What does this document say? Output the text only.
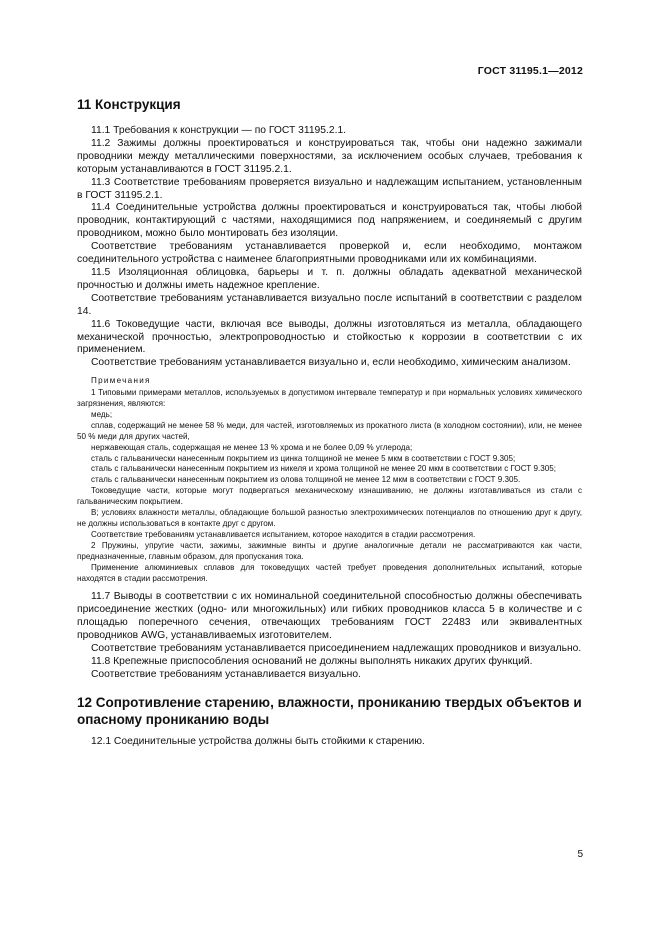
ГОСТ 31195.1—2012
11 Конструкция

11.1 Требования к конструкции — по ГОСТ 31195.2.1.

11.2 Зажимы должны проектироваться и конструироваться так, чтобы они надежно зажимали проводники между металлическими поверхностями, за исключением особых случаев, требования к которым устанавливаются в ГОСТ 31195.2.1.

11.3 Соответствие требованиям проверяется визуально и надлежащим испытанием, установленным в ГОСТ 31195.2.1.

11.4 Соединительные устройства должны проектироваться и конструироваться так, чтобы любой проводник, контактирующий с частями, находящимися под напряжением, и соединяемый с другим проводником, можно было монтировать без изоляции.

Соответствие требованиям устанавливается проверкой и, если необходимо, монтажом соединительного устройства с наименее благоприятными проводниками или их комбинациями.

11.5 Изоляционная облицовка, барьеры и т. п. должны обладать адекватной механической прочностью и должны иметь надежное крепление.

Соответствие требованиям устанавливается визуально после испытаний в соответствии с разделом 14.

11.6 Токоведущие части, включая все выводы, должны изготовляться из металла, обладающего механической прочностью, электропроводностью и стойкостью к коррозии в соответствии с их применением.

Соответствие требованиям устанавливается визуально и, если необходимо, химическим анализом.

Примечания

1 Типовыми примерами металлов, используемых в допустимом интервале температур и при нормальных условиях химического загрязнения, являются:

медь;

сплав, содержащий не менее 58 % меди, для частей, изготовляемых из прокатного листа (в холодном состоянии), или, не менее 50 % меди для других частей,

нержавеющая сталь, содержащая не менее 13 % хрома и не более 0,09 % углерода;

сталь с гальванически нанесенным покрытием из цинка толщиной не менее 5 мкм в соответствии с ГОСТ 9.305;

сталь с гальванически нанесенным покрытием из никеля и хрома толщиной не менее 20 мкм в соответствии с ГОСТ 9.305;

сталь с гальванически нанесенным покрытием из олова толщиной не менее 12 мкм в соответствии с ГОСТ 9.305.

Токоведущие части, которые могут подвергаться механическому изнашиванию, не должны изготавливаться из стали с гальваническим покрытием.

В; условиях влажности металлы, обладающие большой разностью электрохимических потенциалов по отношению друг к другу, не должны использоваться в контакте друг с другом.

Соответствие требованиям устанавливается испытанием, которое находится в стадии рассмотрения.

2 Пружины, упругие части, зажимы, зажимные винты и другие аналогичные детали не рассматриваются как части, предназначенные, главным образом, для пропускания тока.

Применение алюминиевых сплавов для токоведущих частей требует проведения дополнительных испытаний, которые находятся в стадии рассмотрения.

11.7 Выводы в соответствии с их номинальной соединительной способностью должны обеспечивать присоединение жестких (одно- или многожильных) или гибких проводников класса 5 в количестве и с площадью поперечного сечения, отвечающих требованиям ГОСТ 22483 или эквивалентных проводников AWG, устанавливаемых изготовителем.

Соответствие требованиям устанавливается присоединением надлежащих проводников и визуально.

11.8 Крепежные приспособления оснований не должны выполнять никаких других функций.

Соответствие требованиям устанавливается визуально.

12 Сопротивление старению, влажности, прониканию твердых объектов и опасному прониканию воды

12.1 Соединительные устройства должны быть стойкими к старению.

5
